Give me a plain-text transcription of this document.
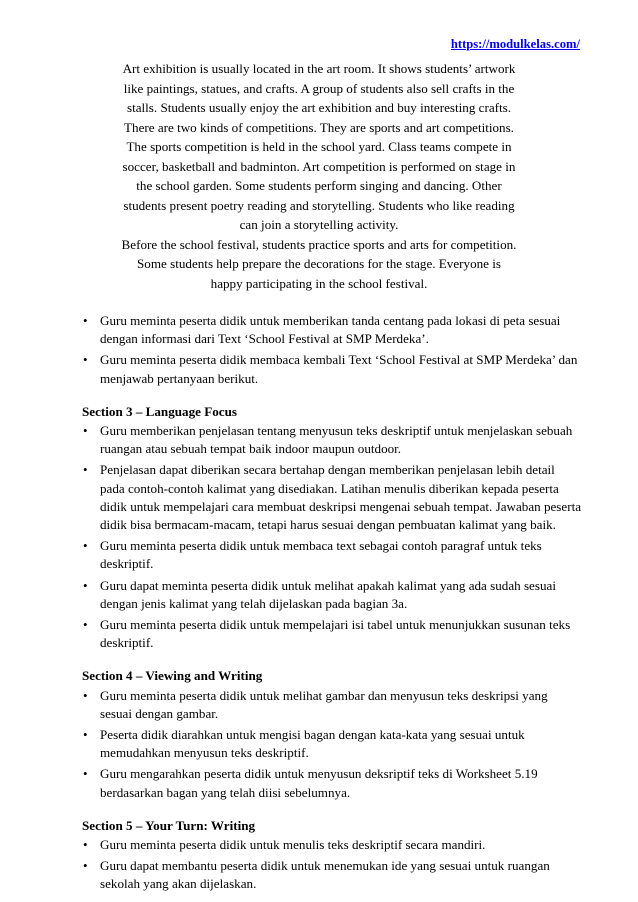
https://modulkelas.com/

Art exhibition is usually located in the art room. It shows students’ artwork like paintings, statues, and crafts. A group of students also sell crafts in the stalls. Students usually enjoy the art exhibition and buy interesting crafts. There are two kinds of competitions. They are sports and art competitions. The sports competition is held in the school yard. Class teams compete in soccer, basketball and badminton. Art competition is performed on stage in the school garden. Some students perform singing and dancing. Other students present poetry reading and storytelling. Students who like reading can join a storytelling activity.

Before the school festival, students practice sports and arts for competition. Some students help prepare the decorations for the stage. Everyone is happy participating in the school festival.

• Guru meminta peserta didik untuk memberikan tanda centang pada lokasi di peta sesuai dengan informasi dari Text ‘School Festival at SMP Merdeka’.
• Guru meminta peserta didik membaca kembali Text ‘School Festival at SMP Merdeka’ dan menjawab pertanyaan berikut.

Section 3 – Language Focus

• Guru memberikan penjelasan tentang menyusun teks deskriptif untuk menjelaskan sebuah ruangan atau sebuah tempat baik indoor maupun outdoor.
• Penjelasan dapat diberikan secara bertahap dengan memberikan penjelasan lebih detail pada contoh-contoh kalimat yang disediakan. Latihan menulis diberikan kepada peserta didik untuk mempelajari cara membuat deskripsi mengenai sebuah tempat. Jawaban peserta didik bisa bermacam-macam, tetapi harus sesuai dengan pembuatan kalimat yang baik.
• Guru meminta peserta didik untuk membaca text sebagai contoh paragraf untuk teks deskriptif.
• Guru dapat meminta peserta didik untuk melihat apakah kalimat yang ada sudah sesuai dengan jenis kalimat yang telah dijelaskan pada bagian 3a.
• Guru meminta peserta didik untuk mempelajari isi tabel untuk menunjukkan susunan teks deskriptif.

Section 4 – Viewing and Writing

• Guru meminta peserta didik untuk melihat gambar dan menyusun teks deskripsi yang sesuai dengan gambar.
• Peserta didik diarahkan untuk mengisi bagan dengan kata-kata yang sesuai untuk memudahkan menyusun teks deskriptif.
• Guru mengarahkan peserta didik untuk menyusun deksriptif teks di Worksheet 5.19 berdasarkan bagan yang telah diisi sebelumnya.

Section 5 – Your Turn: Writing

• Guru meminta peserta didik untuk menulis teks deskriptif secara mandiri.
• Guru dapat membantu peserta didik untuk menemukan ide yang sesuai untuk ruangan sekolah yang akan dijelaskan.
